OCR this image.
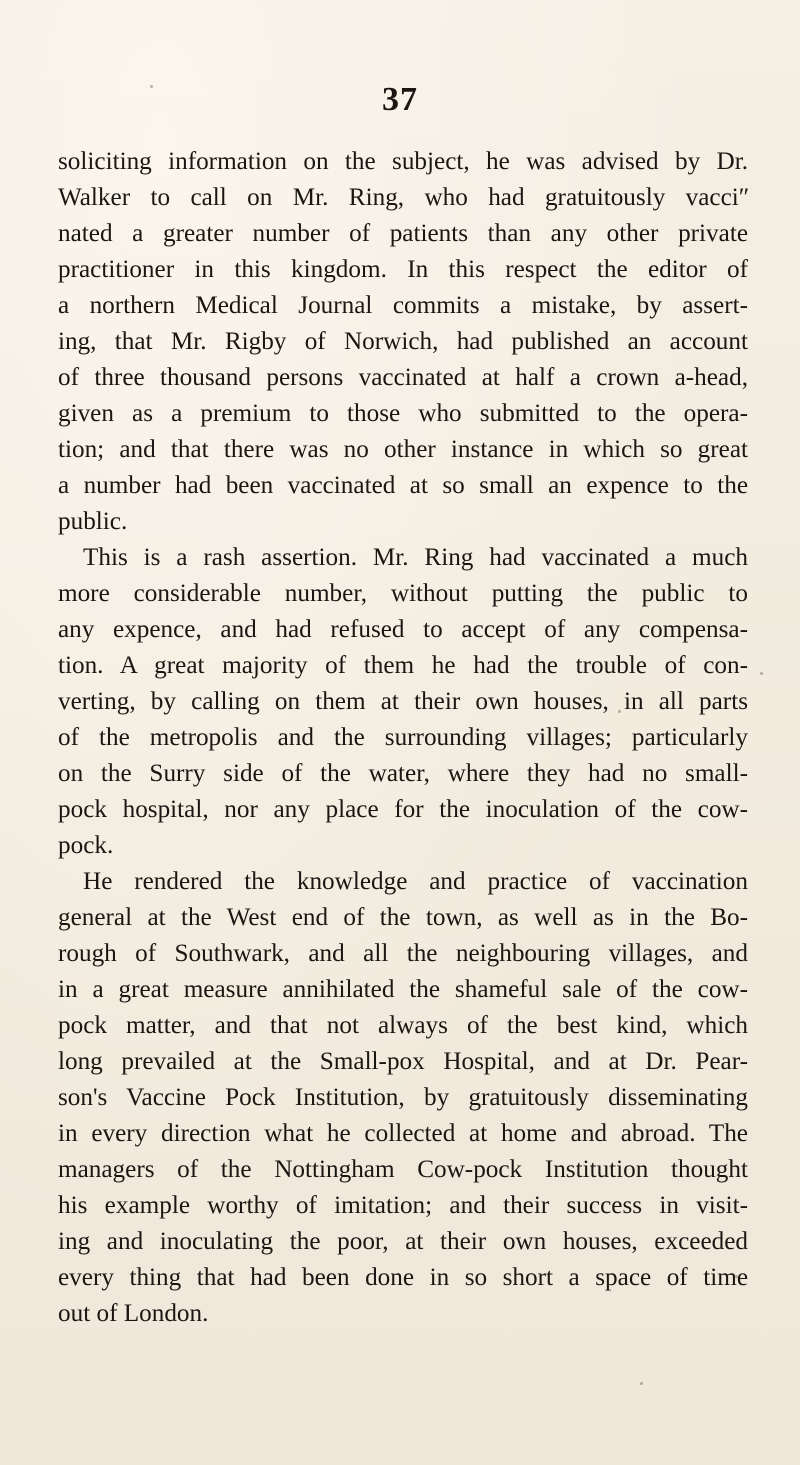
37
soliciting information on the subject, he was advised by Dr.
Walker to call on Mr. Ring, who had gratuitously vacciʺ
nated a greater number of patients than any other private
practitioner in this kingdom. In this respect the editor of
a northern Medical Journal commits a mistake, by assert-
ing, that Mr. Rigby of Norwich, had published an account
of three thousand persons vaccinated at half a crown a-head,
given as a premium to those who submitted to the opera-
tion; and that there was no other instance in which so great
a number had been vaccinated at so small an expence to the
public.
This is a rash assertion. Mr. Ring had vaccinated a much
more considerable number, without putting the public to
any expence, and had refused to accept of any compensa-
tion. A great majority of them he had the trouble of con-
verting, by calling on them at their own houses, in all parts
of the metropolis and the surrounding villages; particularly
on the Surry side of the water, where they had no small-
pock hospital, nor any place for the inoculation of the cow-
pock.
He rendered the knowledge and practice of vaccination
general at the West end of the town, as well as in the Bo-
rough of Southwark, and all the neighbouring villages, and
in a great measure annihilated the shameful sale of the cow-
pock matter, and that not always of the best kind, which
long prevailed at the Small-pox Hospital, and at Dr. Pear-
son's Vaccine Pock Institution, by gratuitously disseminating
in every direction what he collected at home and abroad. The
managers of the Nottingham Cow-pock Institution thought
his example worthy of imitation; and their success in visit-
ing and inoculating the poor, at their own houses, exceeded
every thing that had been done in so short a space of time
out of London.
